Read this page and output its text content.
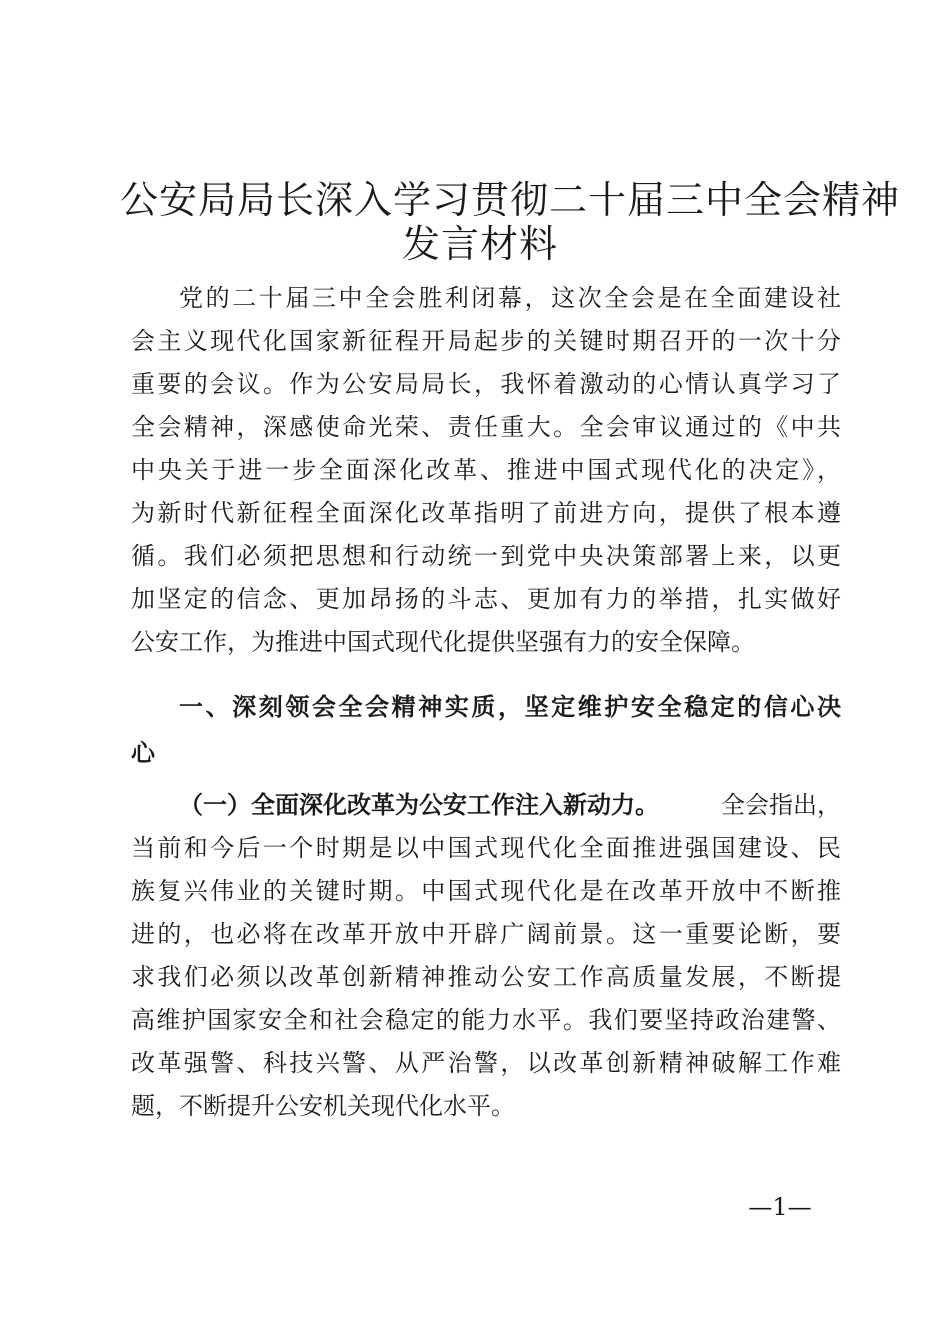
公安局局长深入学习贯彻二十届三中全会精神
发言材料
党的二十届三中全会胜利闭幕，这次全会是在全面建设社
会主义现代化国家新征程开局起步的关键时期召开的一次十分
重要的会议。作为公安局局长，我怀着激动的心情认真学习了
全会精神，深感使命光荣、责任重大。全会审议通过的《中共
中央关于进一步全面深化改革、推进中国式现代化的决定》，
为新时代新征程全面深化改革指明了前进方向，提供了根本遵
循。我们必须把思想和行动统一到党中央决策部署上来，以更
加坚定的信念、更加昂扬的斗志、更加有力的举措，扎实做好
公安工作，为推进中国式现代化提供坚强有力的安全保障。
一、深刻领会全会精神实质，坚定维护安全稳定的信心决
心
（一）全面深化改革为公安工作注入新动力。	全会指出，
当前和今后一个时期是以中国式现代化全面推进强国建设、民
族复兴伟业的关键时期。中国式现代化是在改革开放中不断推
进的，也必将在改革开放中开辟广阔前景。这一重要论断，要
求我们必须以改革创新精神推动公安工作高质量发展，不断提
高维护国家安全和社会稳定的能力水平。我们要坚持政治建警、
改革强警、科技兴警、从严治警，以改革创新精神破解工作难
题，不断提升公安机关现代化水平。
—1—
